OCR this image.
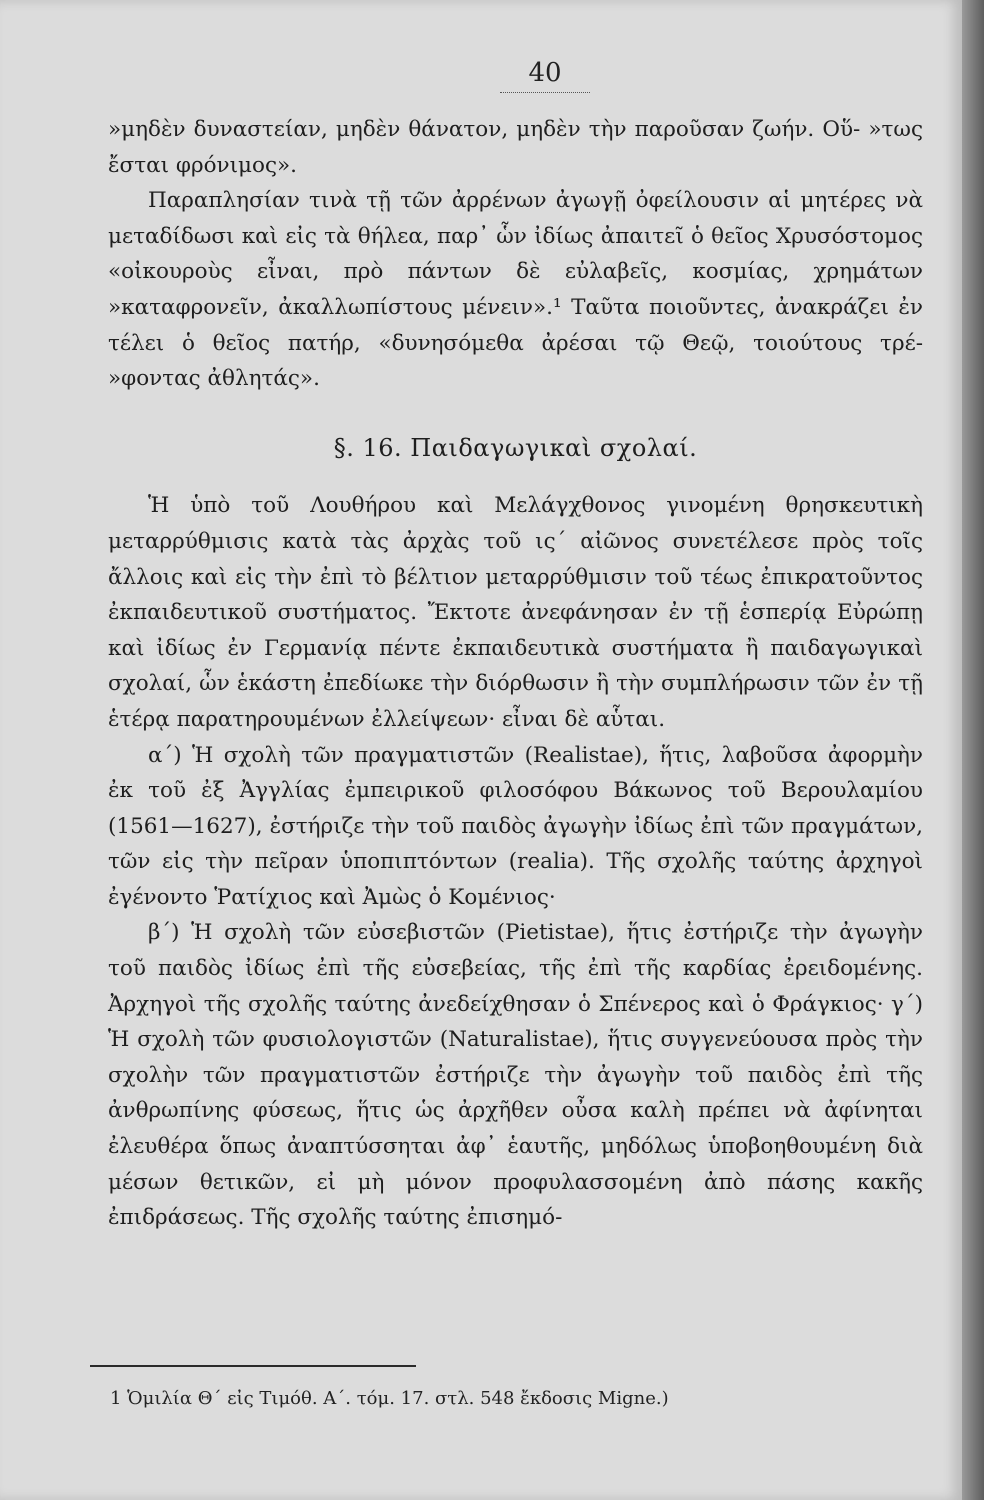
40

»μηδὲν δυναστείαν, μηδὲν θάνατον, μηδὲν τὴν παροῦσαν ζωήν. Οὕ- »τως ἔσται φρόνιμος».

Παραπλησίαν τινὰ τῇ τῶν ἀρρένων ἀγωγῇ ὀφείλουσιν αἱ μητέρες νὰ μεταδίδωσι καὶ εἰς τὰ θήλεα, παρ᾽ ὧν ἰδίως ἀπαιτεῖ ὁ θεῖος Χρυσόστομος «οἰκουροὺς εἶναι, πρὸ πάντων δὲ εὐλαβεῖς, κοσμίας, χρημάτων »καταφρονεῖν, ἀκαλλωπίστους μένειν».¹ Ταῦτα ποιοῦντες, ἀνακράζει ἐν τέλει ὁ θεῖος πατήρ, «δυνησόμεθα ἀρέσαι τῷ Θεῷ, τοιούτους τρέ- »φοντας ἀθλητάς».

§. 16. Παιδαγωγικαὶ σχολαί.

Ἡ ὑπὸ τοῦ Λουθήρου καὶ Μελάγχθονος γινομένη θρησκευτικὴ μεταρρύθμισις κατὰ τὰς ἀρχὰς τοῦ ις´ αἰῶνος συνετέλεσε πρὸς τοῖς ἄλλοις καὶ εἰς τὴν ἐπὶ τὸ βέλτιον μεταρρύθμισιν τοῦ τέως ἐπικρατοῦντος ἐκπαιδευτικοῦ συστήματος. Ἔκτοτε ἀνεφάνησαν ἐν τῇ ἑσπερίᾳ Εὐρώπῃ καὶ ἰδίως ἐν Γερμανίᾳ πέντε ἐκπαιδευτικὰ συστήματα ἢ παιδαγωγικαὶ σχολαί, ὧν ἑκάστη ἐπεδίωκε τὴν διόρθωσιν ἢ τὴν συμπλήρωσιν τῶν ἐν τῇ ἑτέρᾳ παρατηρουμένων ἐλλείψεων· εἶναι δὲ αὗται.

α´) Ἡ σχολὴ τῶν πραγματιστῶν (Realistae), ἥτις, λαβοῦσα ἀφορμὴν ἐκ τοῦ ἐξ Ἀγγλίας ἐμπειρικοῦ φιλοσόφου Βάκωνος τοῦ Βερουλαμίου (1561—1627), ἐστήριζε τὴν τοῦ παιδὸς ἀγωγὴν ἰδίως ἐπὶ τῶν πραγμάτων, τῶν εἰς τὴν πεῖραν ὑποπιπτόντων (realia). Τῆς σχολῆς ταύτης ἀρχηγοὶ ἐγένοντο Ῥατίχιος καὶ Ἀμὼς ὁ Κομένιος·

β´) Ἡ σχολὴ τῶν εὐσεβιστῶν (Pietistae), ἥτις ἐστήριζε τὴν ἀγωγὴν τοῦ παιδὸς ἰδίως ἐπὶ τῆς εὐσεβείας, τῆς ἐπὶ τῆς καρδίας ἐρειδομένης. Ἀρχηγοὶ τῆς σχολῆς ταύτης ἀνεδείχθησαν ὁ Σπένερος καὶ ὁ Φράγκιος· γ´) Ἡ σχολὴ τῶν φυσιολογιστῶν (Naturalistae), ἥτις συγγενεύουσα πρὸς τὴν σχολὴν τῶν πραγματιστῶν ἐστήριζε τὴν ἀγωγὴν τοῦ παιδὸς ἐπὶ τῆς ἀνθρωπίνης φύσεως, ἥτις ὡς ἀρχῆθεν οὖσα καλὴ πρέπει νὰ ἀφίνηται ἐλευθέρα ὅπως ἀναπτύσσηται ἀφ᾽ ἑαυτῆς, μηδόλως ὑποβοηθουμένη διὰ μέσων θετικῶν, εἰ μὴ μόνον προφυλασσομένη ἀπὸ πάσης κακῆς ἐπιδράσεως. Τῆς σχολῆς ταύτης ἐπισημό-

1 Ὁμιλία Θ´ εἰς Τιμόθ. Α´. τόμ. 17. στλ. 548 ἔκδοσις Migne.)
